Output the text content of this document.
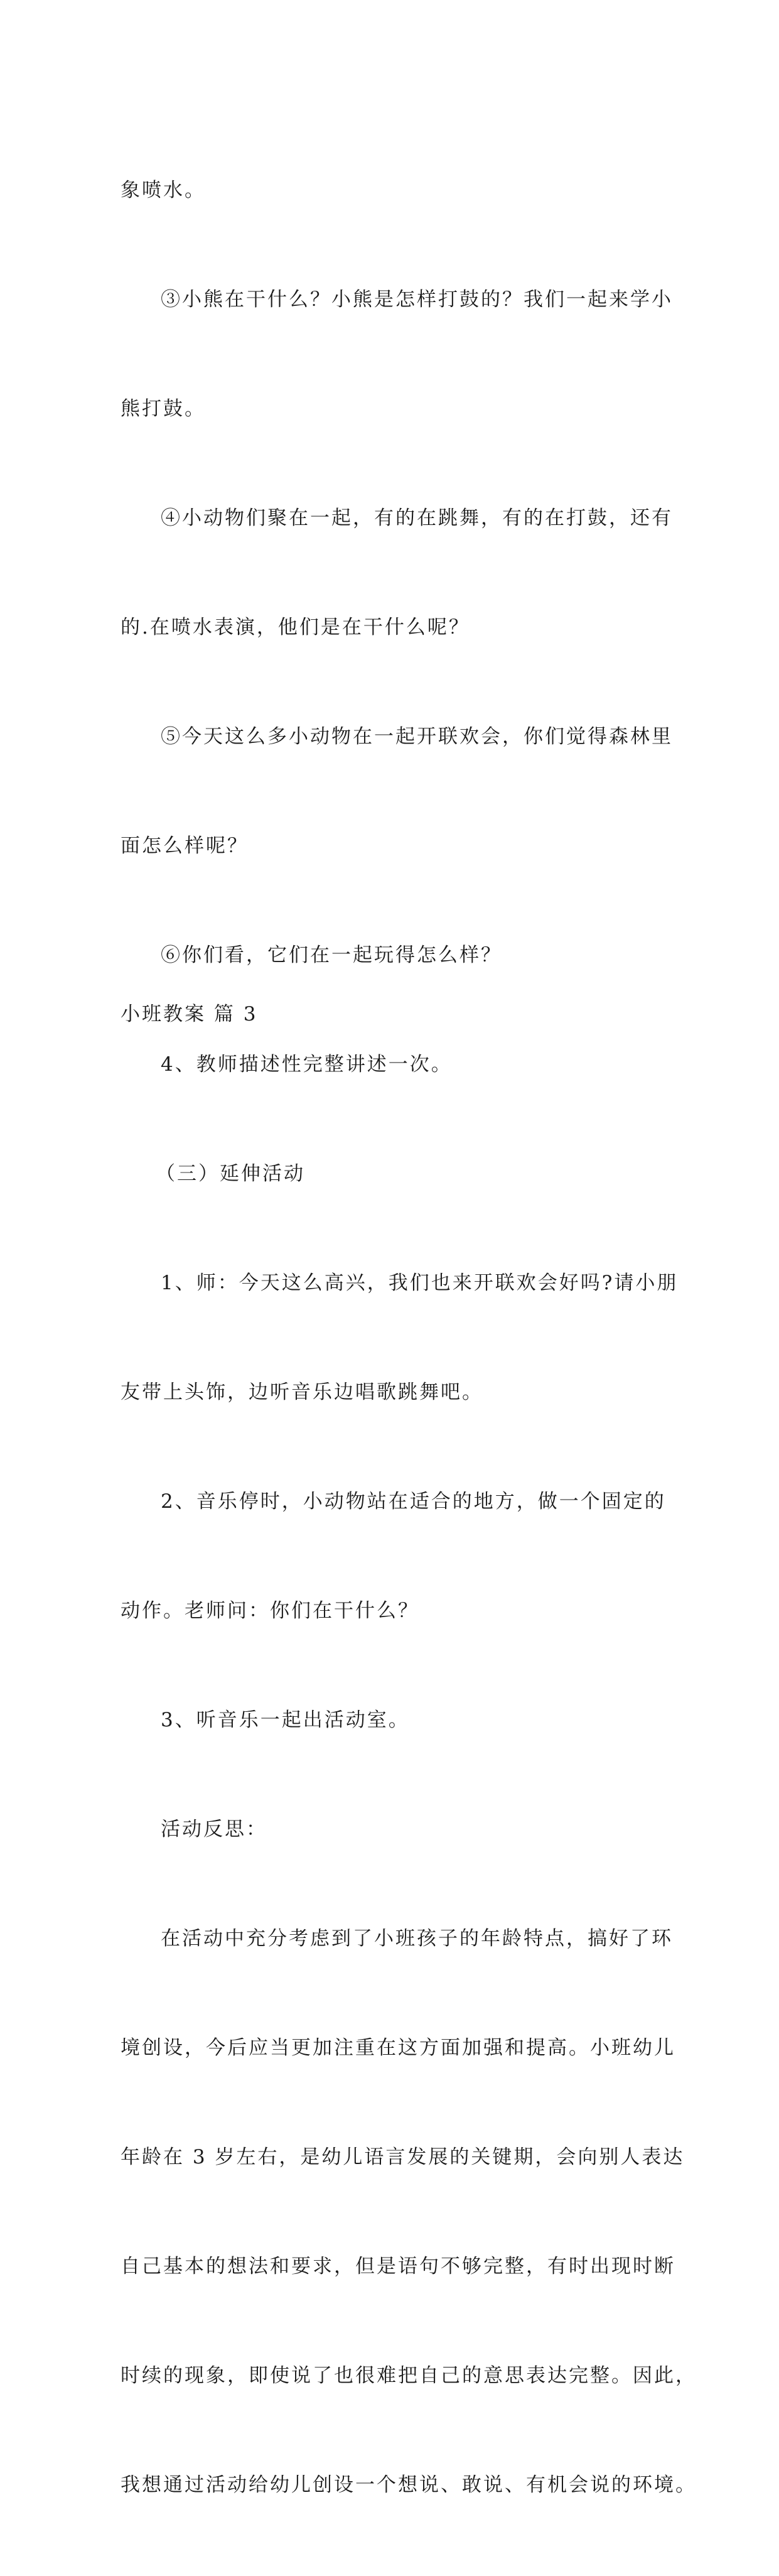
象喷水。

③小熊在干什么？小熊是怎样打鼓的？我们一起来学小

熊打鼓。

④小动物们聚在一起，有的在跳舞，有的在打鼓，还有

的.在喷水表演，他们是在干什么呢？

⑤今天这么多小动物在一起开联欢会，你们觉得森林里

面怎么样呢？

⑥你们看，它们在一起玩得怎么样？

4、教师描述性完整讲述一次。

（三）延伸活动

1、师：今天这么高兴，我们也来开联欢会好吗?请小朋

友带上头饰，边听音乐边唱歌跳舞吧。

2、音乐停时，小动物站在适合的地方，做一个固定的

动作。老师问：你们在干什么？

3、听音乐一起出活动室。

活动反思：

在活动中充分考虑到了小班孩子的年龄特点，搞好了环

境创设，今后应当更加注重在这方面加强和提高。小班幼儿

年龄在 3 岁左右，是幼儿语言发展的关键期，会向别人表达

自己基本的想法和要求，但是语句不够完整，有时出现时断

时续的现象，即使说了也很难把自己的意思表达完整。因此，

我想通过活动给幼儿创设一个想说、敢说、有机会说的环境。

小班教案 篇 3
